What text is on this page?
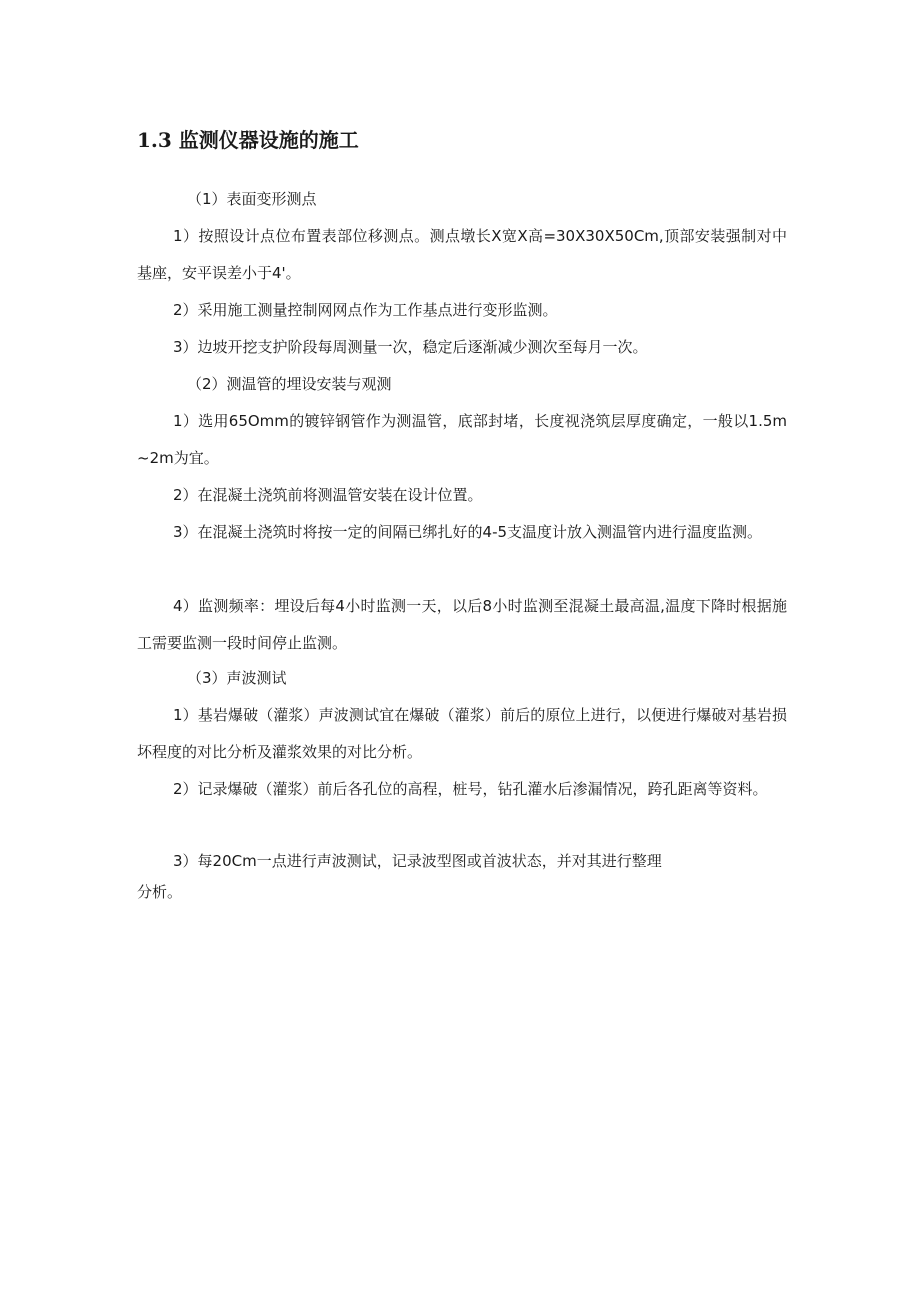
1.3 监测仪器设施的施工

（1）表面变形测点

1）按照设计点位布置表部位移测点。测点墩长X宽X高=30X30X50Cm,顶部安装强制对中基座，安平误差小于4'。

2）采用施工测量控制网网点作为工作基点进行变形监测。

3）边坡开挖支护阶段每周测量一次，稳定后逐渐减少测次至每月一次。

（2）测温管的埋设安装与观测

1）选用65Omm的镀锌钢管作为测温管，底部封堵，长度视浇筑层厚度确定，一般以1.5m~2m为宜。

2）在混凝土浇筑前将测温管安装在设计位置。

3）在混凝土浇筑时将按一定的间隔已绑扎好的4-5支温度计放入测温管内进行温度监测。

4）监测频率：埋设后每4小时监测一天，以后8小时监测至混凝土最高温,温度下降时根据施工需要监测一段时间停止监测。

（3）声波测试

1）基岩爆破（灌浆）声波测试宜在爆破（灌浆）前后的原位上进行，以便进行爆破对基岩损坏程度的对比分析及灌浆效果的对比分析。

2）记录爆破（灌浆）前后各孔位的高程，桩号，钻孔灌水后渗漏情况，跨孔距离等资料。

3）每20Cm一点进行声波测试，记录波型图或首波状态，并对其进行整理

分析。
